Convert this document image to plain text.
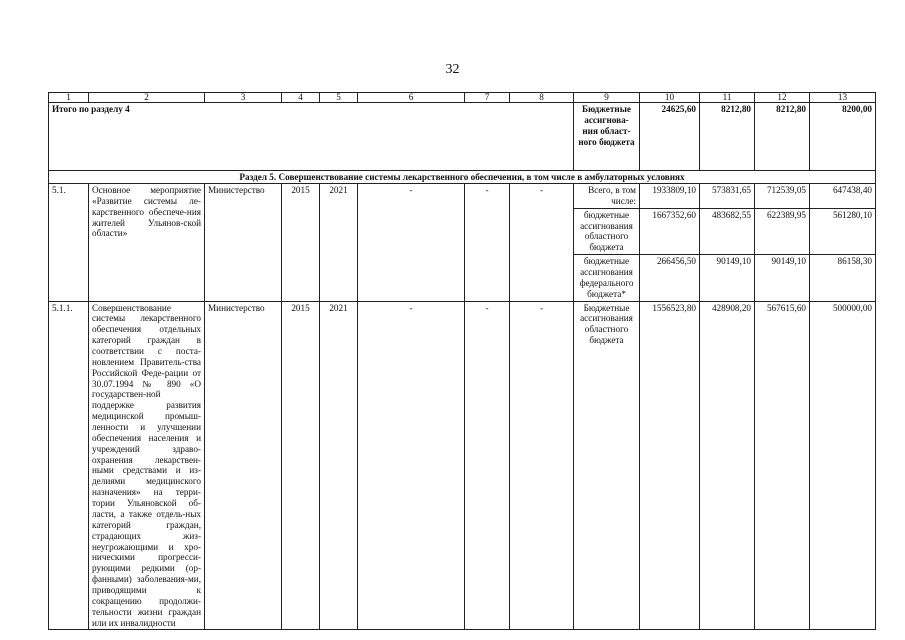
32
1	2	3	4	5	6	7	8	9	10	11	12	13
Итого по разделу 4								Бюджетные ассигнова-ния област-ного бюджета	24625,60	8212,80	8212,80	8200,00
Раздел 5. Совершенствование системы лекарственного обеспечения, в том числе в амбулаторных условиях												
5.1.	Основное мероприятие «Развитие системы ле-карственного обеспече-ния жителей Ульянов-ской области»	Министерство	2015	2021	-	-	-	Всего, в том числе:	1933809,10	573831,65	712539,05	647438,40
								бюджетные ассигнования областного бюджета	1667352,60	483682,55	622389,95	561280,10
								бюджетные ассигнования федерального бюджета*	266456,50	90149,10	90149,10	86158,30
5.1.1.	Совершенствование системы лекарственного обеспечения отдельных категорий граждан в соответствии с поста-новлением Правитель-ства Российской Феде-рации от 30.07.1994 № 890 «О государствен-ной поддержке развития медицинской промыш-ленности и улучшении обеспечения населения и учреждений здраво-охранения лекарствен-ными средствами и из-делиями медицинского назначения» на терри-тории Ульяновской об-ласти, а также отдель-ных категорий граждан, страдающих жиз-неугрожающими и хро-ническими прогресси-рующими редкими (ор-фанными) заболевания-ми, приводящими к сокращению продолжи-тельности жизни граждан или их инвалидности	Министерство	2015	2021	-	-	-	Бюджетные ассигнования областного бюджета	1556523,80	428908,20	567615,60	500000,00
